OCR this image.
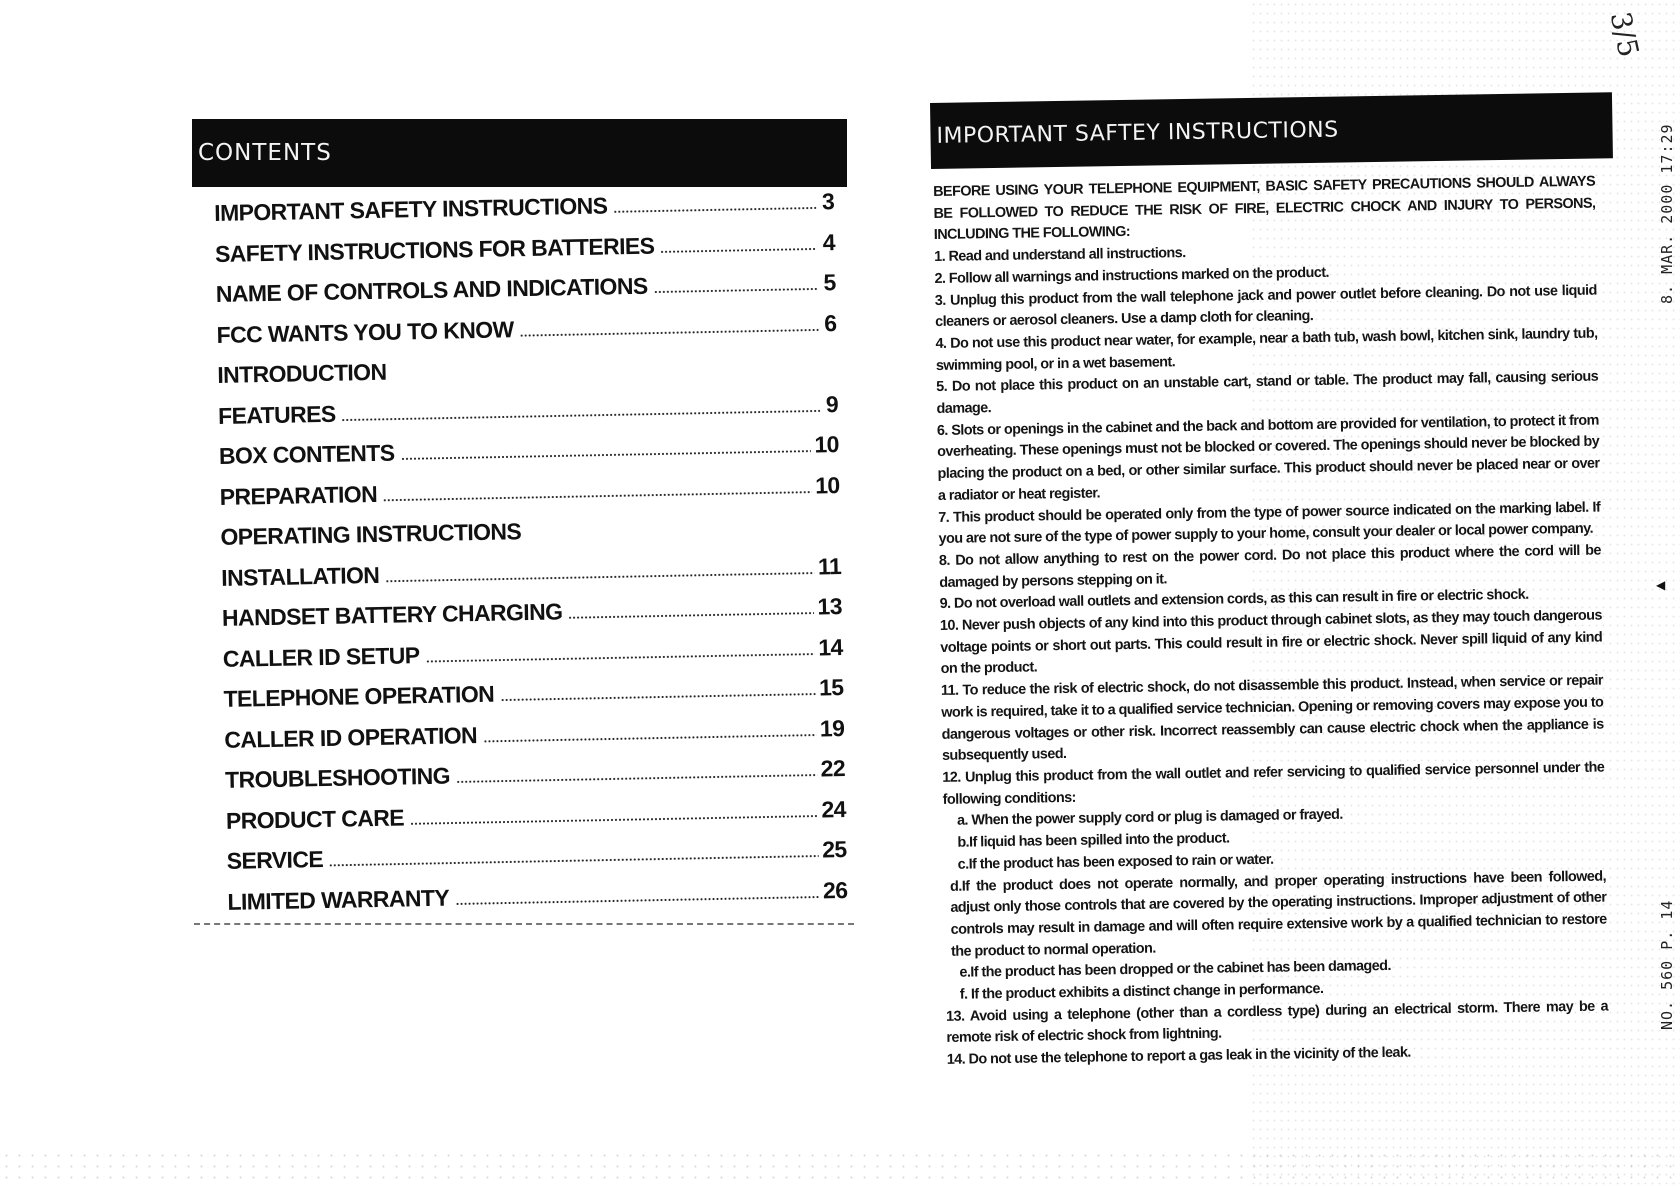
CONTENTS
IMPORTANT SAFETY INSTRUCTIONS	3
SAFETY INSTRUCTIONS FOR BATTERIES	4
NAME OF CONTROLS AND INDICATIONS	5
FCC WANTS YOU TO KNOW	6
INTRODUCTION
FEATURES	9
BOX CONTENTS	10
PREPARATION	10
OPERATING INSTRUCTIONS
INSTALLATION	11
HANDSET BATTERY CHARGING	13
CALLER ID SETUP	14
TELEPHONE OPERATION	15
CALLER ID OPERATION	19
TROUBLESHOOTING	22
PRODUCT CARE	24
SERVICE	25
LIMITED WARRANTY	26
IMPORTANT SAFTEY INSTRUCTIONS

BEFORE USING YOUR TELEPHONE EQUIPMENT, BASIC SAFETY PRECAUTIONS SHOULD ALWAYS BE FOLLOWED TO REDUCE THE RISK OF FIRE, ELECTRIC CHOCK AND INJURY TO PERSONS, INCLUDING THE FOLLOWING:

1. Read and understand all instructions.

2. Follow all warnings and instructions marked on the product.

3. Unplug this product from the wall telephone jack and power outlet before cleaning. Do not use liquid cleaners or aerosol cleaners. Use a damp cloth for cleaning.

4. Do not use this product near water, for example, near a bath tub, wash bowl, kitchen sink, laundry tub, swimming pool, or in a wet basement.

5. Do not place this product on an unstable cart, stand or table. The product may fall, causing serious damage.

6. Slots or openings in the cabinet and the back and bottom are provided for ventilation, to protect it from overheating. These openings must not be blocked or covered. The openings should never be blocked by placing the product on a bed, or other similar surface. This product should never be placed near or over a radiator or heat register.

7. This product should be operated only from the type of power source indicated on the marking label. If you are not sure of the type of power supply to your home, consult your dealer or local power company.

8. Do not allow anything to rest on the power cord. Do not place this product where the cord will be damaged by persons stepping on it.

9. Do not overload wall outlets and extension cords, as this can result in fire or electric shock.

10. Never push objects of any kind into this product through cabinet slots, as they may touch dangerous voltage points or short out parts. This could result in fire or electric shock. Never spill liquid of any kind on the product.

11. To reduce the risk of electric shock, do not disassemble this product. Instead, when service or repair work is required, take it to a qualified service technician. Opening or removing covers may expose you to dangerous voltages or other risk. Incorrect reassembly can cause electric chock when the appliance is subsequently used.

12. Unplug this product from the wall outlet and refer servicing to qualified service personnel under the following conditions:

a. When the power supply cord or plug is damaged or frayed.

b.If liquid has been spilled into the product.

c.If the product has been exposed to rain or water.

d.If the product does not operate normally, and proper operating instructions have been followed, adjust only those controls that are covered by the operating instructions. Improper adjustment of other controls may result in damage and will often require extensive work by a qualified technician to restore the product to normal operation.

e.If the product has been dropped or the cabinet has been damaged.

f. If the product exhibits a distinct change in performance.

13. Avoid using a telephone (other than a cordless type) during an electrical storm. There may be a remote risk of electric shock from lightning.

14. Do not use the telephone to report a gas leak in the vicinity of the leak.

3/5
8. MAR. 2000 17:29
◀
NO. 560 P. 14
